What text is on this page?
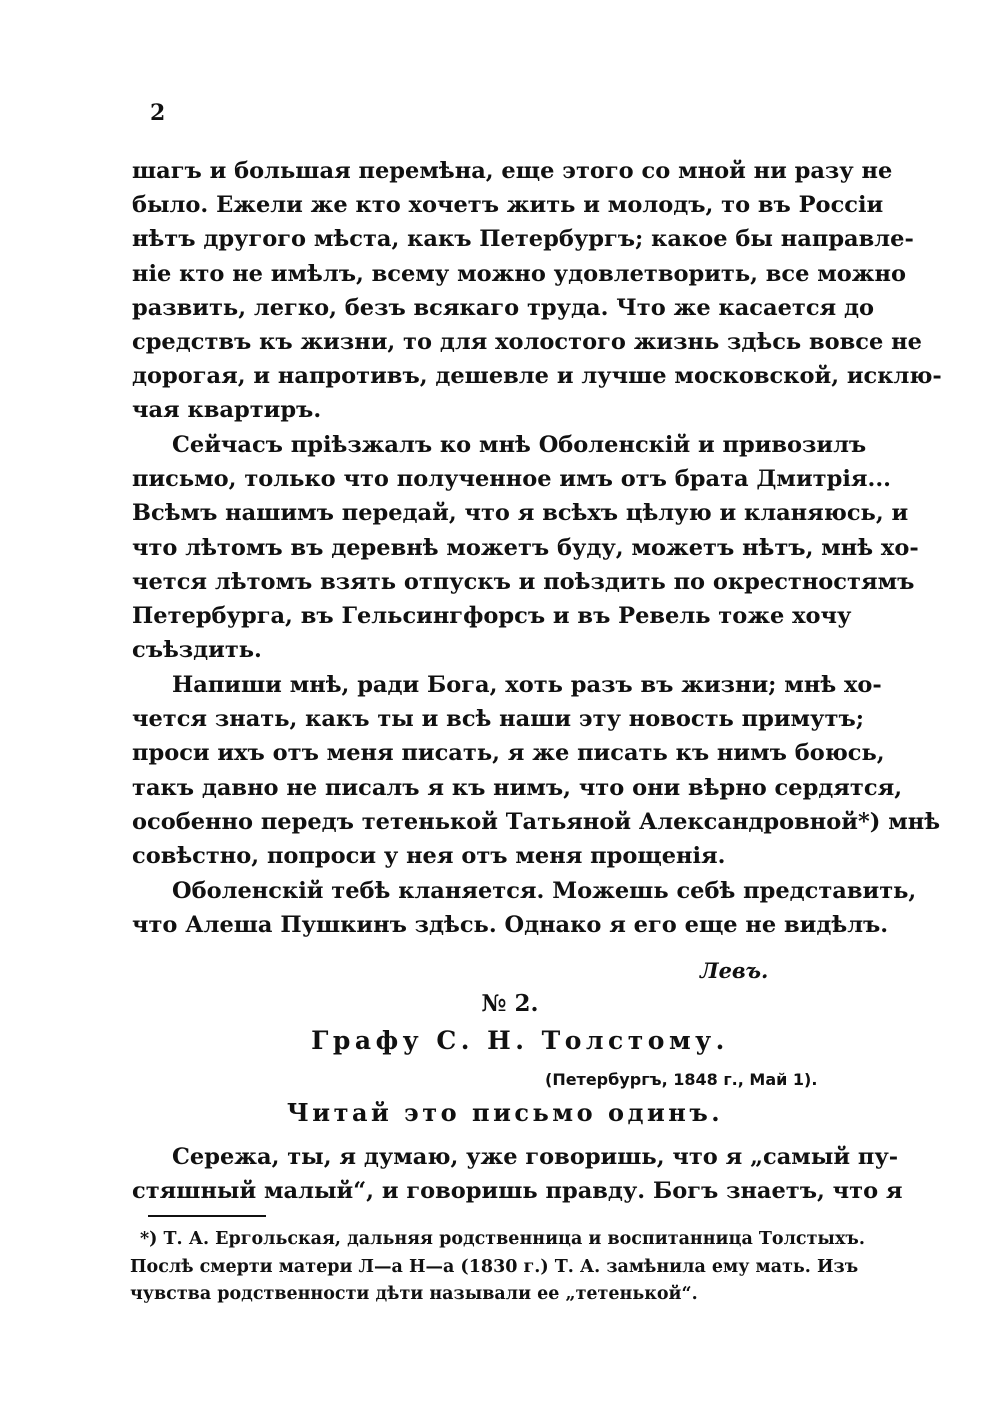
2
шагъ и большая перемѣна, еще этого со мной ни разу не
было. Ежели же кто хочетъ жить и молодъ, то въ Россіи
нѣтъ другого мѣста, какъ Петербургъ; какое бы направле-
ніе кто не имѣлъ, всему можно удовлетворить, все можно
развить, легко, безъ всякаго труда. Что же касается до
средствъ къ жизни, то для холостого жизнь здѣсь вовсе не
дорогая, и напротивъ, дешевле и лучше московской, исклю-
чая квартиръ.
Сейчасъ пріѣзжалъ ко мнѣ Оболенскій и привозилъ
письмо, только что полученное имъ отъ брата Дмитрія...
Всѣмъ нашимъ передай, что я всѣхъ цѣлую и кланяюсь, и
что лѣтомъ въ деревнѣ можетъ буду, можетъ нѣтъ, мнѣ хо-
чется лѣтомъ взять отпускъ и поѣздить по окрестностямъ
Петербурга, въ Гельсингфорсъ и въ Ревель тоже хочу
съѣздить.
Напиши мнѣ, ради Бога, хоть разъ въ жизни; мнѣ хо-
чется знать, какъ ты и всѣ наши эту новость примутъ;
проси ихъ отъ меня писать, я же писать къ нимъ боюсь,
такъ давно не писалъ я къ нимъ, что они вѣрно сердятся,
особенно передъ тетенькой Татьяной Александровной*) мнѣ
совѣстно, попроси у нея отъ меня прощенія.
Оболенскій тебѣ кланяется. Можешь себѣ представить,
что Алеша Пушкинъ здѣсь. Однако я его еще не видѣлъ.
Левъ.
№ 2.
Графу С. Н. Толстому.
(Петербургъ, 1848 г., Май 1).
Читай это письмо одинъ.
Сережа, ты, я думаю, уже говоришь, что я „самый пу-
стяшный малый“, и говоришь правду. Богъ знаетъ, что я
*) Т. А. Ергольская, дальняя родственница и воспитанница Толстыхъ.
Послѣ смерти матери Л—а Н—а (1830 г.) Т. А. замѣнила ему мать. Изъ
чувства родственности дѣти называли ее „тетенькой“.
